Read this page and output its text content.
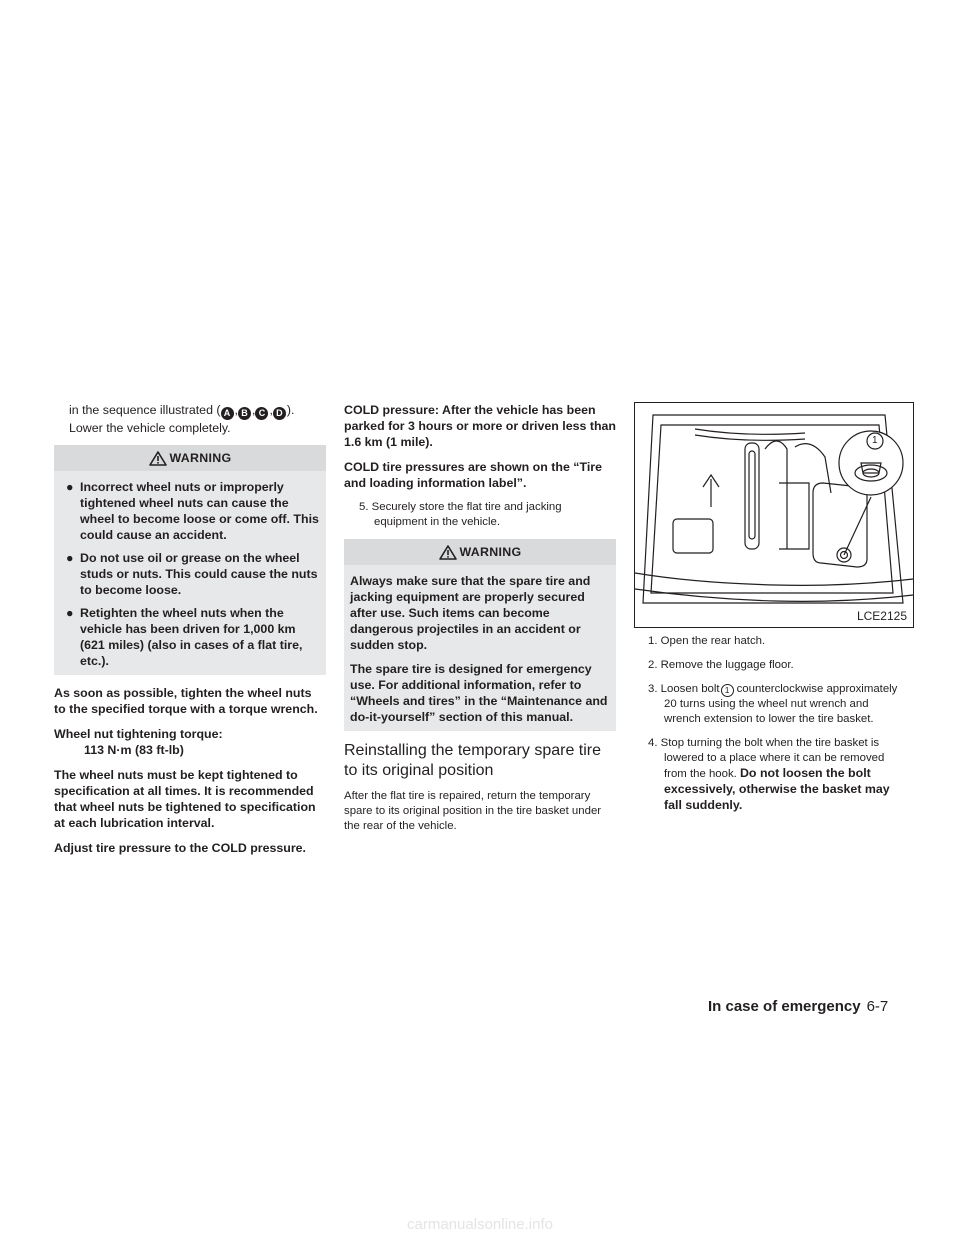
in the sequence illustrated ( A , B , C , D ).
Lower the vehicle completely.

WARNING
● Incorrect wheel nuts or improperly tightened wheel nuts can cause the wheel to become loose or come off. This could cause an accident.
● Do not use oil or grease on the wheel studs or nuts. This could cause the nuts to become loose.
● Retighten the wheel nuts when the vehicle has been driven for 1,000 km (621 miles) (also in cases of a flat tire, etc.).

As soon as possible, tighten the wheel nuts to the specified torque with a torque wrench.

Wheel nut tightening torque:
113 N·m (83 ft-lb)

The wheel nuts must be kept tightened to specification at all times. It is recommended that wheel nuts be tightened to specification at each lubrication interval.

Adjust tire pressure to the COLD pressure.

COLD pressure: After the vehicle has been parked for 3 hours or more or driven less than 1.6 km (1 mile).

COLD tire pressures are shown on the “Tire and loading information label”.

5. Securely store the flat tire and jacking equipment in the vehicle.

WARNING

Always make sure that the spare tire and jacking equipment are properly secured after use. Such items can become dangerous projectiles in an accident or sudden stop.

The spare tire is designed for emergency use. For additional information, refer to “Wheels and tires” in the “Maintenance and do-it-yourself” section of this manual.

Reinstalling the temporary spare tire to its original position

After the flat tire is repaired, return the temporary spare to its original position in the tire basket under the rear of the vehicle.

1
LCE2125

1. Open the rear hatch.

2. Remove the luggage floor.

3. Loosen bolt 1 counterclockwise approximately 20 turns using the wheel nut wrench and wrench extension to lower the tire basket.

4. Stop turning the bolt when the tire basket is lowered to a place where it can be removed from the hook. Do not loosen the bolt excessively, otherwise the basket may fall suddenly.

In case of emergency 6-7
carmanualsonline.info
